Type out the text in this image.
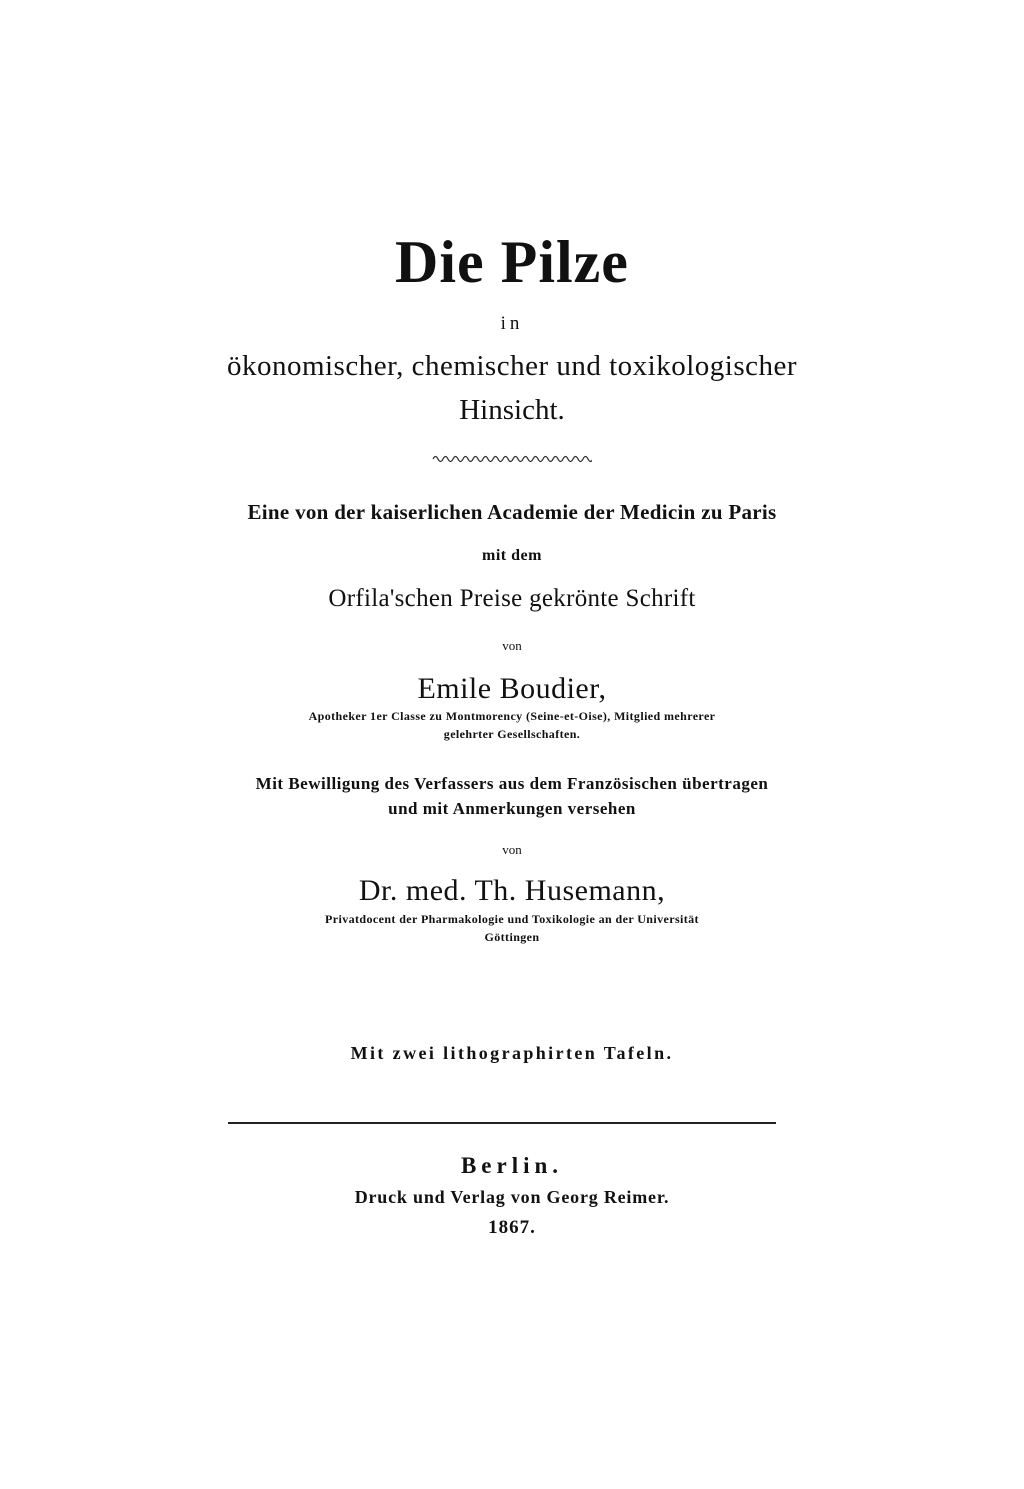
Die Pilze
in
ökonomischer, chemischer und toxikologischer
Hinsicht.
Eine von der kaiserlichen Academie der Medicin zu Paris
mit dem
Orfila'schen Preise gekrönte Schrift
von
Emile Boudier,
Apotheker 1er Classe zu Montmorency (Seine-et-Oise), Mitglied mehrerer
gelehrter Gesellschaften.
Mit Bewilligung des Verfassers aus dem Französischen übertragen
und mit Anmerkungen versehen
von
Dr. med. Th. Husemann,
Privatdocent der Pharmakologie und Toxikologie an der Universität
Göttingen
Mit zwei lithographirten Tafeln.
Berlin.
Druck und Verlag von Georg Reimer.
1867.
